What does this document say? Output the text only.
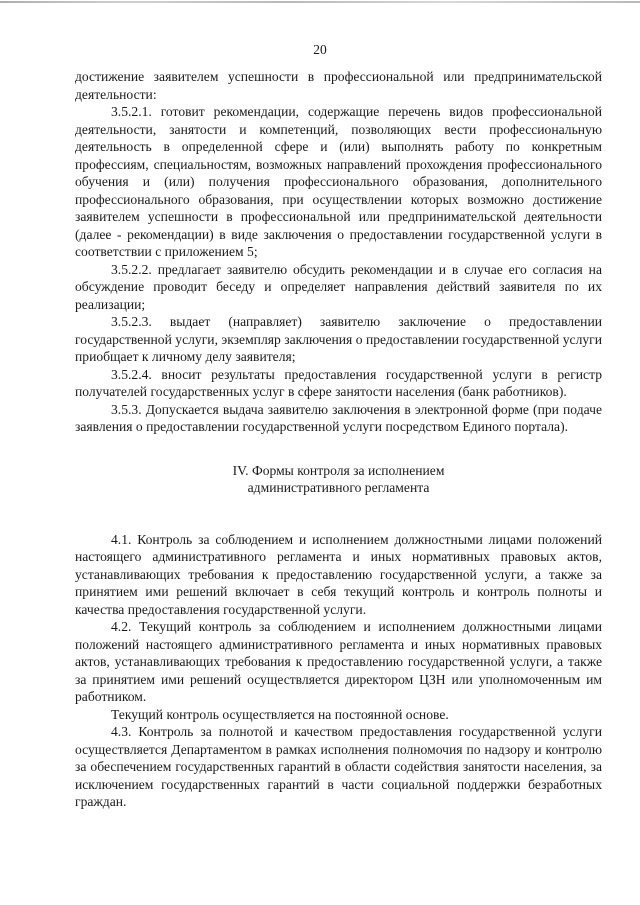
20

достижение заявителем успешности в профессиональной или предпринимательской деятельности:

3.5.2.1. готовит рекомендации, содержащие перечень видов профессиональной деятельности, занятости и компетенций, позволяющих вести профессиональную деятельность в определенной сфере и (или) выполнять работу по конкретным профессиям, специальностям, возможных направлений прохождения профессионального обучения и (или) получения профессионального образования, дополнительного профессионального образования, при осуществлении которых возможно достижение заявителем успешности в профессиональной или предпринимательской деятельности (далее - рекомендации) в виде заключения о предоставлении государственной услуги в соответствии с приложением 5;

3.5.2.2. предлагает заявителю обсудить рекомендации и в случае его согласия на обсуждение проводит беседу и определяет направления действий заявителя по их реализации;

3.5.2.3. выдает (направляет) заявителю заключение о предоставлении государственной услуги, экземпляр заключения о предоставлении государственной услуги приобщает к личному делу заявителя;

3.5.2.4. вносит результаты предоставления государственной услуги в регистр получателей государственных услуг в сфере занятости населения (банк работников).

3.5.3. Допускается выдача заявителю заключения в электронной форме (при подаче заявления о предоставлении государственной услуги посредством Единого портала).

IV. Формы контроля за исполнением
административного регламента

4.1. Контроль за соблюдением и исполнением должностными лицами положений настоящего административного регламента и иных нормативных правовых актов, устанавливающих требования к предоставлению государственной услуги, а также за принятием ими решений включает в себя текущий контроль и контроль полноты и качества предоставления государственной услуги.

4.2. Текущий контроль за соблюдением и исполнением должностными лицами положений настоящего административного регламента и иных нормативных правовых актов, устанавливающих требования к предоставлению государственной услуги, а также за принятием ими решений осуществляется директором ЦЗН или уполномоченным им работником.

Текущий контроль осуществляется на постоянной основе.

4.3. Контроль за полнотой и качеством предоставления государственной услуги осуществляется Департаментом в рамках исполнения полномочия по надзору и контролю за обеспечением государственных гарантий в области содействия занятости населения, за исключением государственных гарантий в части социальной поддержки безработных граждан.
